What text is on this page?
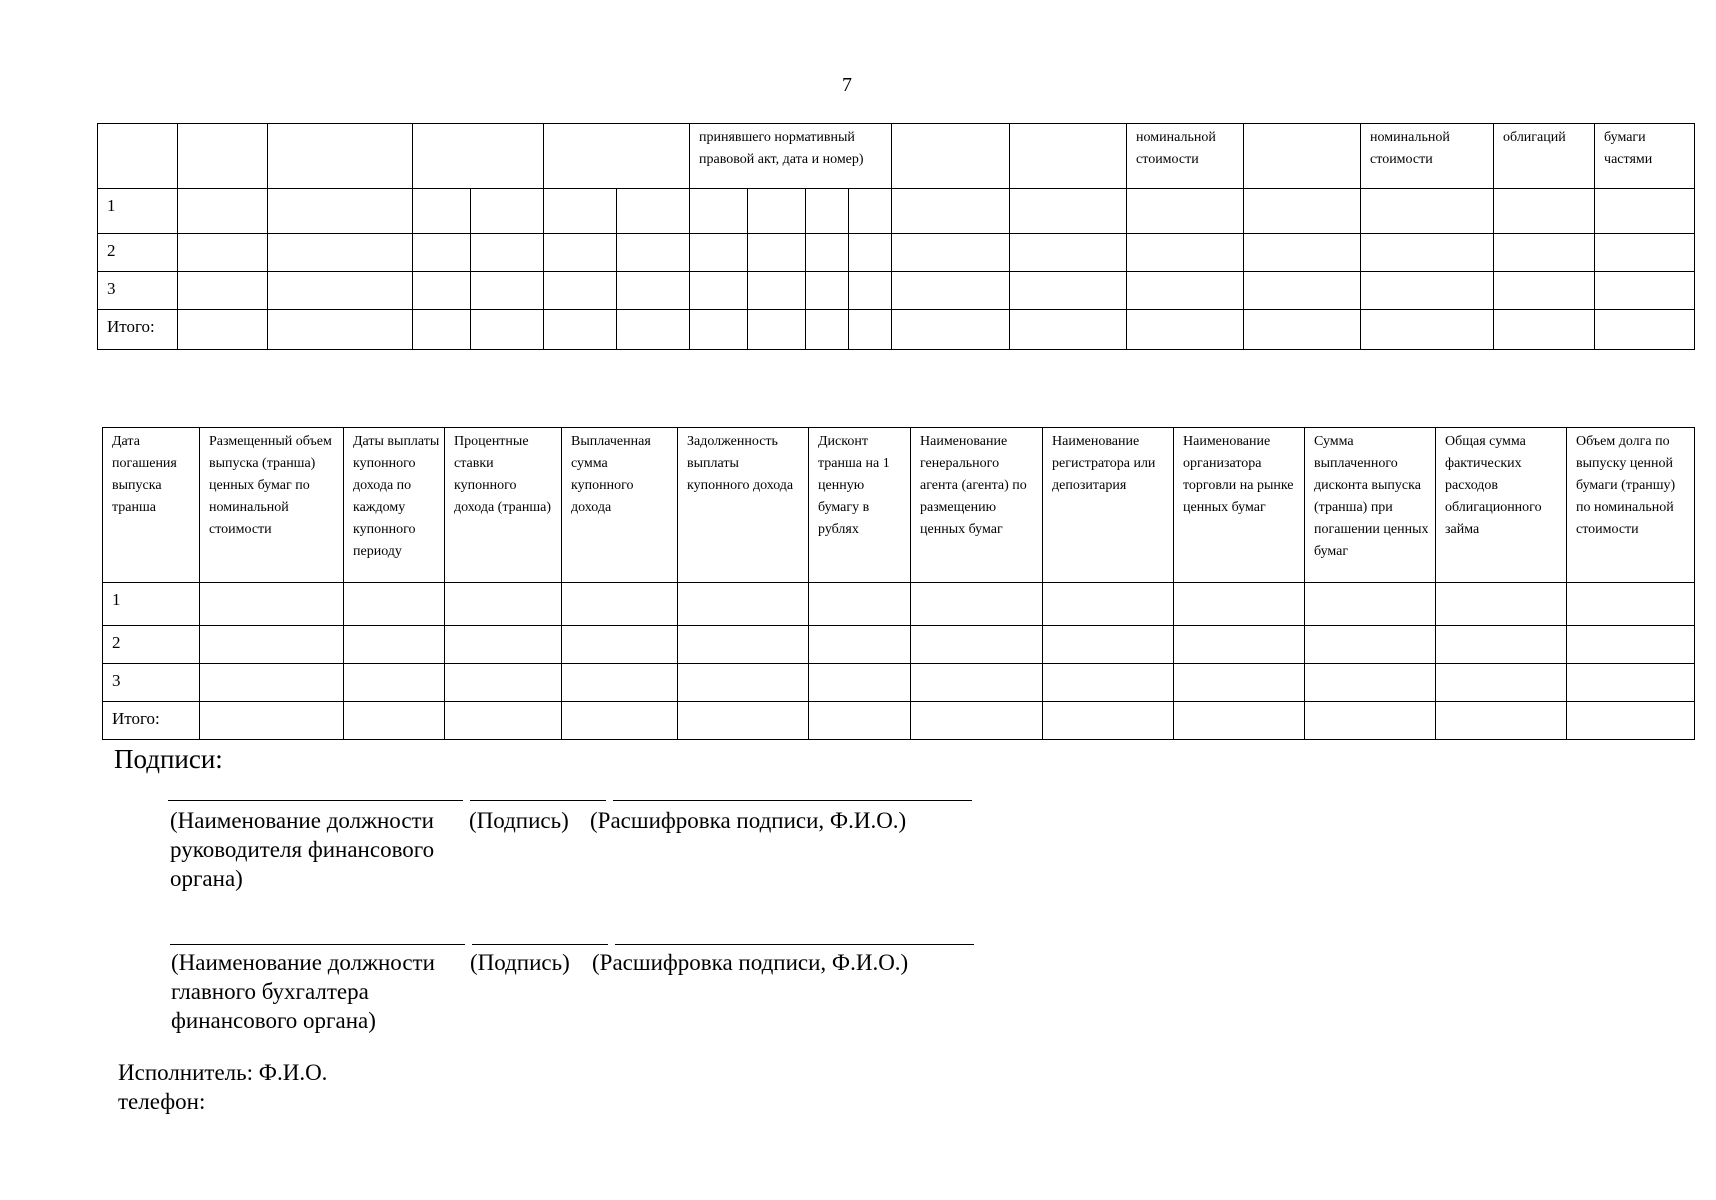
7
							принявшего нормативный правовой акт, дата и номер)						номинальной стоимости		номинальной стоимости	облигаций	бумаги частями
1																	
2																	
3																	
Итого:																	
Дата погашения выпуска транша	Размещенный объем выпуска (транша) ценных бумаг по номинальной стоимости	Даты выплаты купонного дохода по каждому купонного периоду	Процентные ставки купонного дохода (транша)	Выплаченная сумма купонного дохода	Задолженность выплаты купонного дохода	Дисконт транша на 1 ценную бумагу в рублях	Наименование генерального агента (агента) по размещению ценных бумаг	Наименование регистратора или депозитария	Наименование организатора торговли на рынке ценных бумаг	Сумма выплаченного дисконта выпуска (транша) при погашении ценных бумаг	Общая сумма фактических расходов облигационного займа	Объем долга по выпуску ценной бумаги (траншу) по номинальной стоимости
1												
2												
3												
Итого:												
Подписи:
(Наименование должности
руководителя финансового
органа)
(Подпись) (Расшифровка подписи, Ф.И.О.)
(Наименование должности
главного бухгалтера
финансового органа)
(Подпись) (Расшифровка подписи, Ф.И.О.)
Исполнитель: Ф.И.О.
телефон:
